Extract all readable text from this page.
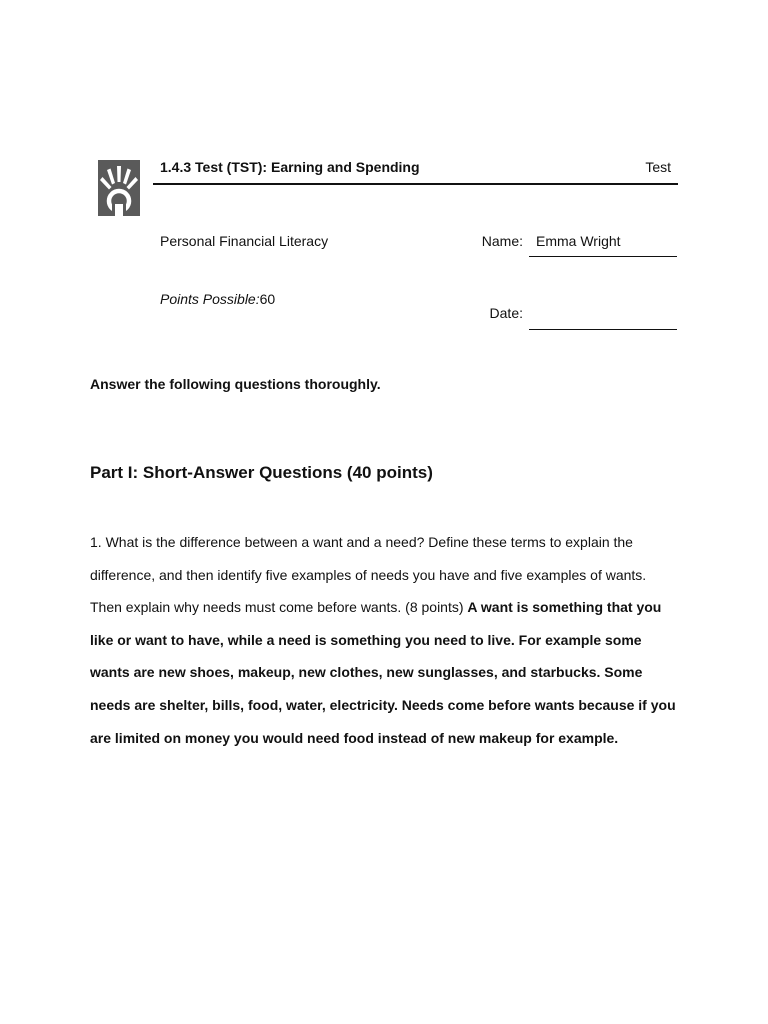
1.4.3 Test (TST): Earning and Spending	Test
Personal Financial Literacy	Name: Emma Wright
Points Possible:60
Date:
Answer the following questions thoroughly.
Part I: Short-Answer Questions (40 points)

1. What is the difference between a want and a need? Define these terms to explain the difference, and then identify five examples of needs you have and five examples of wants. Then explain why needs must come before wants. (8 points) A want is something that you like or want to have, while a need is something you need to live. For example some wants are new shoes, makeup, new clothes, new sunglasses, and starbucks. Some needs are shelter, bills, food, water, electricity. Needs come before wants because if you are limited on money you would need food instead of new makeup for example.
